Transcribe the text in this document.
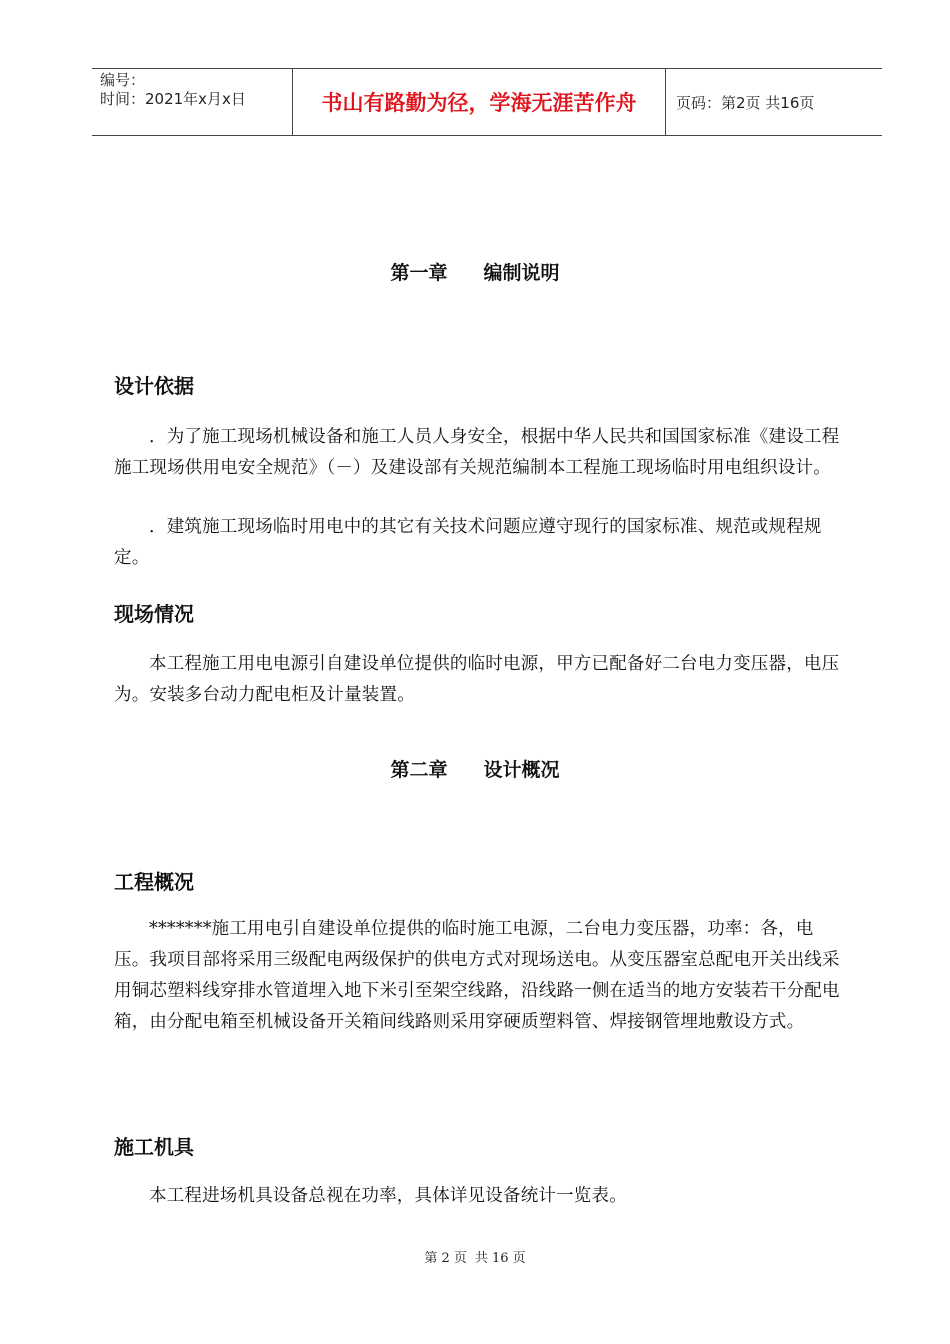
编号：
时间：2021年x月x日	书山有路勤为径，学海无涯苦作舟	页码：第2页 共16页
第一章 编制说明
设计依据
．为了施工现场机械设备和施工人员人身安全，根据中华人民共和国国家标准《建设工程施工现场供用电安全规范》（－）及建设部有关规范编制本工程施工现场临时用电组织设计。
．建筑施工现场临时用电中的其它有关技术问题应遵守现行的国家标准、规范或规程规定。
现场情况
本工程施工用电电源引自建设单位提供的临时电源，甲方已配备好二台电力变压器，电压为。安装多台动力配电柜及计量装置。
第二章 设计概况
工程概况
*******施工用电引自建设单位提供的临时施工电源，二台电力变压器，功率：各，电压。我项目部将采用三级配电两级保护的供电方式对现场送电。从变压器室总配电开关出线采用铜芯塑料线穿排水管道埋入地下米引至架空线路，沿线路一侧在适当的地方安装若干分配电箱，由分配电箱至机械设备开关箱间线路则采用穿硬质塑料管、焊接钢管埋地敷设方式。
施工机具
本工程进场机具设备总视在功率，具体详见设备统计一览表。
第 2 页 共 16 页
